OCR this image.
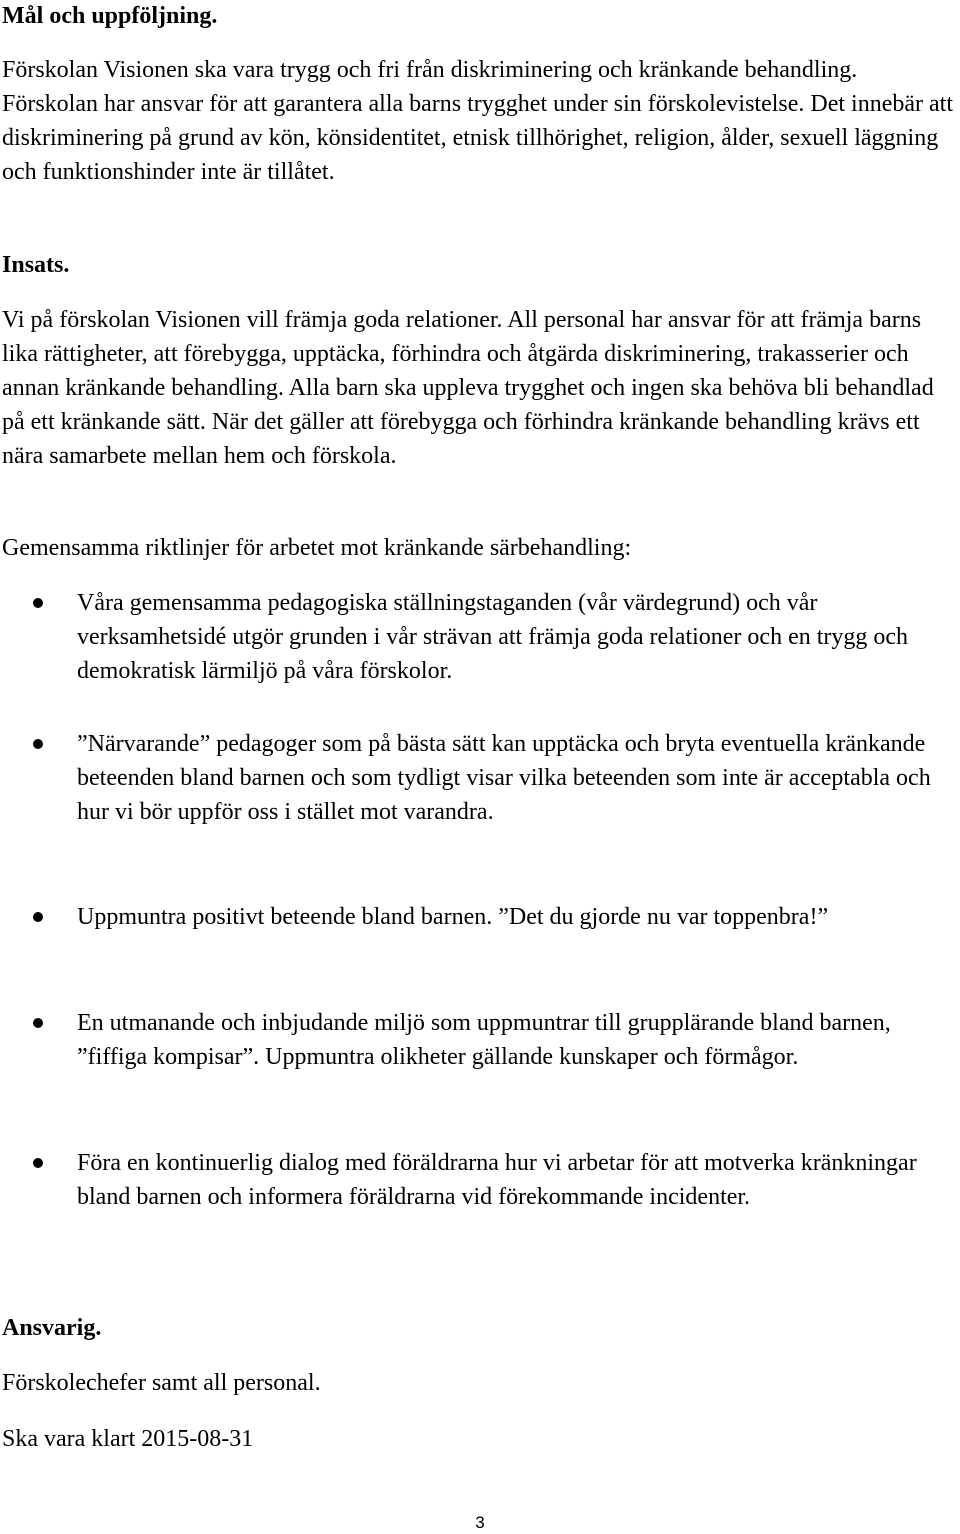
Mål och uppföljning.

Förskolan Visionen ska vara trygg och fri från diskriminering och kränkande behandling. Förskolan har ansvar för att garantera alla barns trygghet under sin förskolevistelse. Det innebär att diskriminering på grund av kön, könsidentitet, etnisk tillhörighet, religion, ålder, sexuell läggning och funktionshinder inte är tillåtet.

Insats.

Vi på förskolan Visionen vill främja goda relationer. All personal har ansvar för att främja barns lika rättigheter, att förebygga, upptäcka, förhindra och åtgärda diskriminering, trakasserier och annan kränkande behandling. Alla barn ska uppleva trygghet och ingen ska behöva bli behandlad på ett kränkande sätt. När det gäller att förebygga och förhindra kränkande behandling krävs ett nära samarbete mellan hem och förskola.

Gemensamma riktlinjer för arbetet mot kränkande särbehandling:

Våra gemensamma pedagogiska ställningstaganden (vår värdegrund) och vår verksamhetsidé utgör grunden i vår strävan att främja goda relationer och en trygg och demokratisk lärmiljö på våra förskolor.

”Närvarande” pedagoger som på bästa sätt kan upptäcka och bryta eventuella kränkande beteenden bland barnen och som tydligt visar vilka beteenden som inte är acceptabla och hur vi bör uppför oss i stället mot varandra.

Uppmuntra positivt beteende bland barnen. ”Det du gjorde nu var toppenbra!”

En utmanande och inbjudande miljö som uppmuntrar till grupplärande bland barnen, ”fiffiga kompisar”. Uppmuntra olikheter gällande kunskaper och förmågor.

Föra en kontinuerlig dialog med föräldrarna hur vi arbetar för att motverka kränkningar bland barnen och informera föräldrarna vid förekommande incidenter.

Ansvarig.

Förskolechefer samt all personal.

Ska vara klart 2015-08-31

3
